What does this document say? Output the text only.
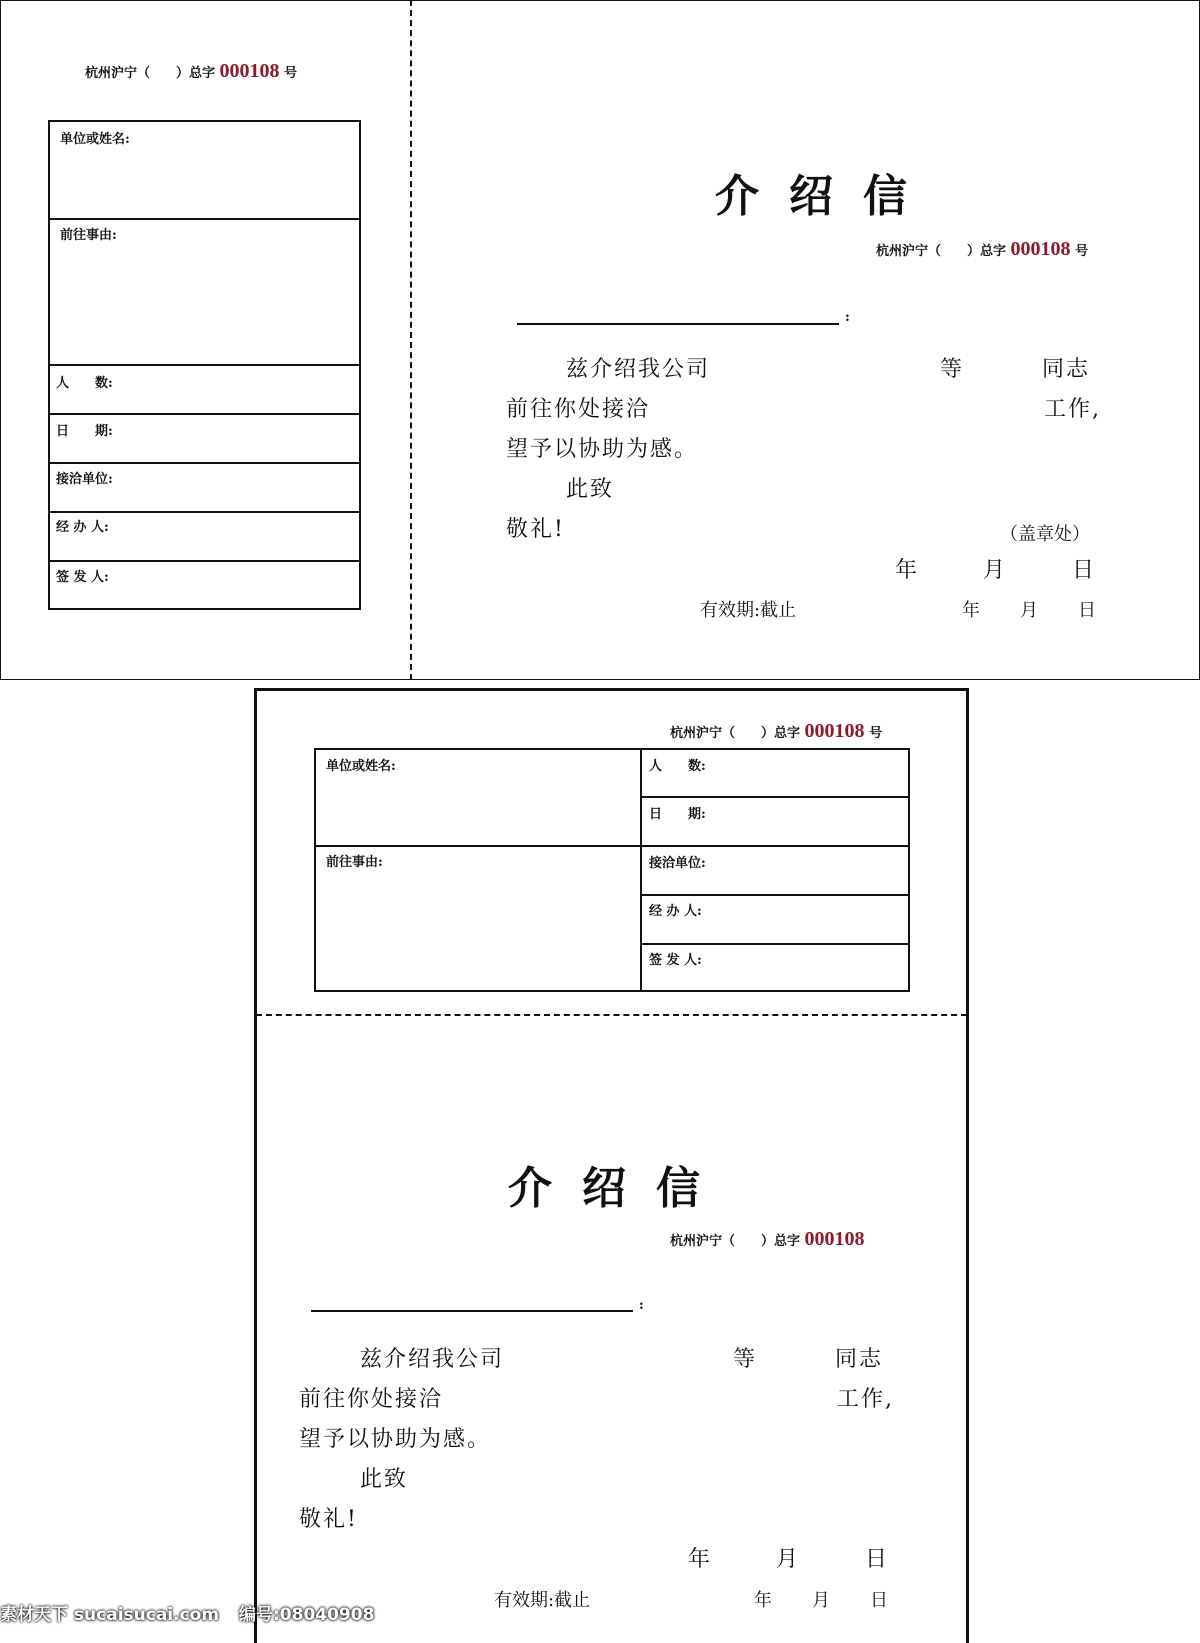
杭州沪宁（　　）总字 000108 号
单位或姓名:
前往事由:
人　　数:
日　　期:
接洽单位:
经 办 人:
签 发 人:
介绍信
杭州沪宁（　　）总字 000108 号
:
兹介绍我公司	等	同志
前往你处接洽	工作,
望予以协助为感。
此致
敬礼!	（盖章处）
年	月	日
有效期:截止	年 月 日
杭州沪宁（　　）总字 000108 号
单位或姓名:
前往事由:
人　　数:
日　　期:
接洽单位:
经 办 人:
签 发 人:
介绍信
杭州沪宁（　　）总字 000108
:
兹介绍我公司	等	同志
前往你处接洽	工作,
望予以协助为感。
此致
敬礼!
年	月	日
有效期:截止	年 月 日
素材天下 sucaisucai.com 编号:08040908
